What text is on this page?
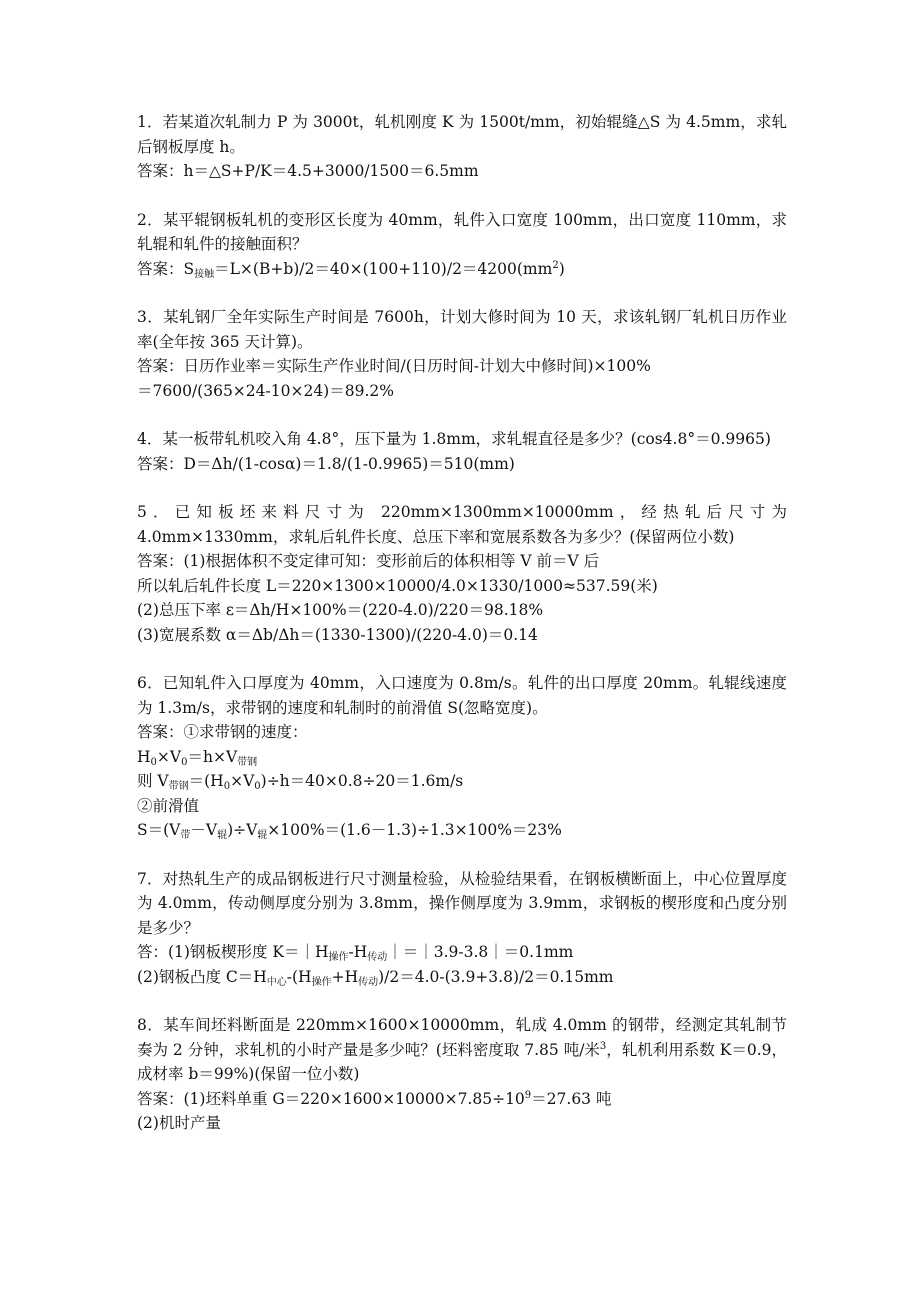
1．若某道次轧制力 P 为 3000t，轧机刚度 K 为 1500t/mm，初始辊缝△S 为 4.5mm，求轧后钢板厚度 h。

答案：h＝△S+P/K＝4.5+3000/1500＝6.5mm

2．某平辊钢板轧机的变形区长度为 40mm，轧件入口宽度 100mm，出口宽度 110mm，求轧辊和轧件的接触面积？

答案：$S_{接触}=L\times(B+b)/2=40\times(100+110)/2=4200(mm^2)$

3．某轧钢厂全年实际生产时间是 7600h，计划大修时间为 10 天，求该轧钢厂轧机日历作业率(全年按 365 天计算)。

答案：日历作业率＝实际生产作业时间/(日历时间-计划大中修时间)×100%

＝7600/(365×24-10×24)＝89.2%

4．某一板带轧机咬入角 4.8°，压下量为 1.8mm，求轧辊直径是多少？(cos4.8°＝0.9965)

答案：D＝Δh/(1-cosα)＝1.8/(1-0.9965)＝510(mm)

5．已知板坯来料尺寸为 220mm×1300mm×10000mm，经热轧后尺寸为 4.0mm×1330mm，求轧后轧件长度、总压下率和宽展系数各为多少？(保留两位小数)

答案：(1)根据体积不变定律可知：变形前后的体积相等 V 前＝V 后

所以轧后轧件长度 L＝220×1300×10000/4.0×1330/1000≈537.59(米)

(2)总压下率 ε＝Δh/H×100%＝(220-4.0)/220＝98.18%

(3)宽展系数 α＝Δb/Δh＝(1330-1300)/(220-4.0)＝0.14

6．已知轧件入口厚度为 40mm，入口速度为 0.8m/s。轧件的出口厚度 20mm。轧辊线速度为 1.3m/s，求带钢的速度和轧制时的前滑值 S(忽略宽度)。

答案：①求带钢的速度：

$H_0\times V_0=h\times V_{带钢}$

则 $V_{带钢}=(H_0\times V_0)\div h=40\times 0.8\div 20=1.6m/s$

②前滑值

$S=(V_带-V_辊)\div V_辊\times 100\%=(1.6-1.3)\div 1.3\times 100\%=23\%$

7．对热轧生产的成品钢板进行尺寸测量检验，从检验结果看，在钢板横断面上，中心位置厚度为 4.0mm，传动侧厚度分别为 3.8mm，操作侧厚度为 3.9mm，求钢板的楔形度和凸度分别是多少？

答：(1)钢板楔形度 $K=|H_{操作}-H_{传动}|=|3.9-3.8|=0.1mm$

(2)钢板凸度 $C=H_{中心}-(H_{操作}+H_{传动})/2=4.0-(3.9+3.8)/2=0.15mm$

8．某车间坯料断面是 220mm×1600×10000mm，轧成 4.0mm 的钢带，经测定其轧制节奏为 2 分钟，求轧机的小时产量是多少吨？(坯料密度取 7.85 吨/米$^3$，轧机利用系数 K＝0.9，成材率 b＝99%)(保留一位小数)

答案：(1)坯料单重 $G=220\times 1600\times 10000\times 7.85\div 10^9=27.63$ 吨

(2)机时产量
